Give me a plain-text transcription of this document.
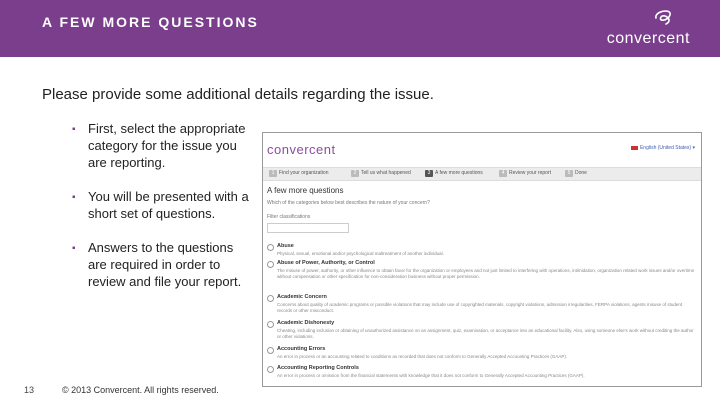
A FEW MORE QUESTIONS
convercent
Please provide some additional details regarding the issue.
▪ First, select the appropriate category for the issue you are reporting.
▪ You will be presented with a short set of questions.
▪ Answers to the questions are required in order to review and file your report.
convercent	English (United States) ▾
1 Find your organization	2 Tell us what happened	3 A few more questions	4 Review your report	5 Done
A few more questions
Which of the categories below best describes the nature of your concern?
Filter classifications
Abuse
Physical, sexual, emotional and/or psychological maltreatment of another individual.
Abuse of Power, Authority, or Control
The misuse of power, authority, or other influence to obtain favor for the organization or employees and not just limited to interfering with operations, intimidation, organization related work issues and/or overtime without compensation or other specification for non-consideration business without proper permission.
Academic Concern
Concerns about quality of academic programs or possible violations that may include use of copyrighted materials, copyright violations, admission irregularities, FERPA violations, agents misuse of student records or other misconduct.
Academic Dishonesty
Cheating, including inclusion or obtaining of unauthorized assistance on an assignment, quiz, examination, or acceptance into an educational facility. Also, using someone else's work without crediting the author or other violations.
Accounting Errors
An error in process or an accounting related to conditions as recorded that does not conform to Generally Accepted Accounting Practices (GAAP).
Accounting Reporting Controls
An error in process or omission from the financial statements with knowledge that it does not conform to Generally Accepted Accounting Practices (GAAP).
13	© 2013 Convercent. All rights reserved.
